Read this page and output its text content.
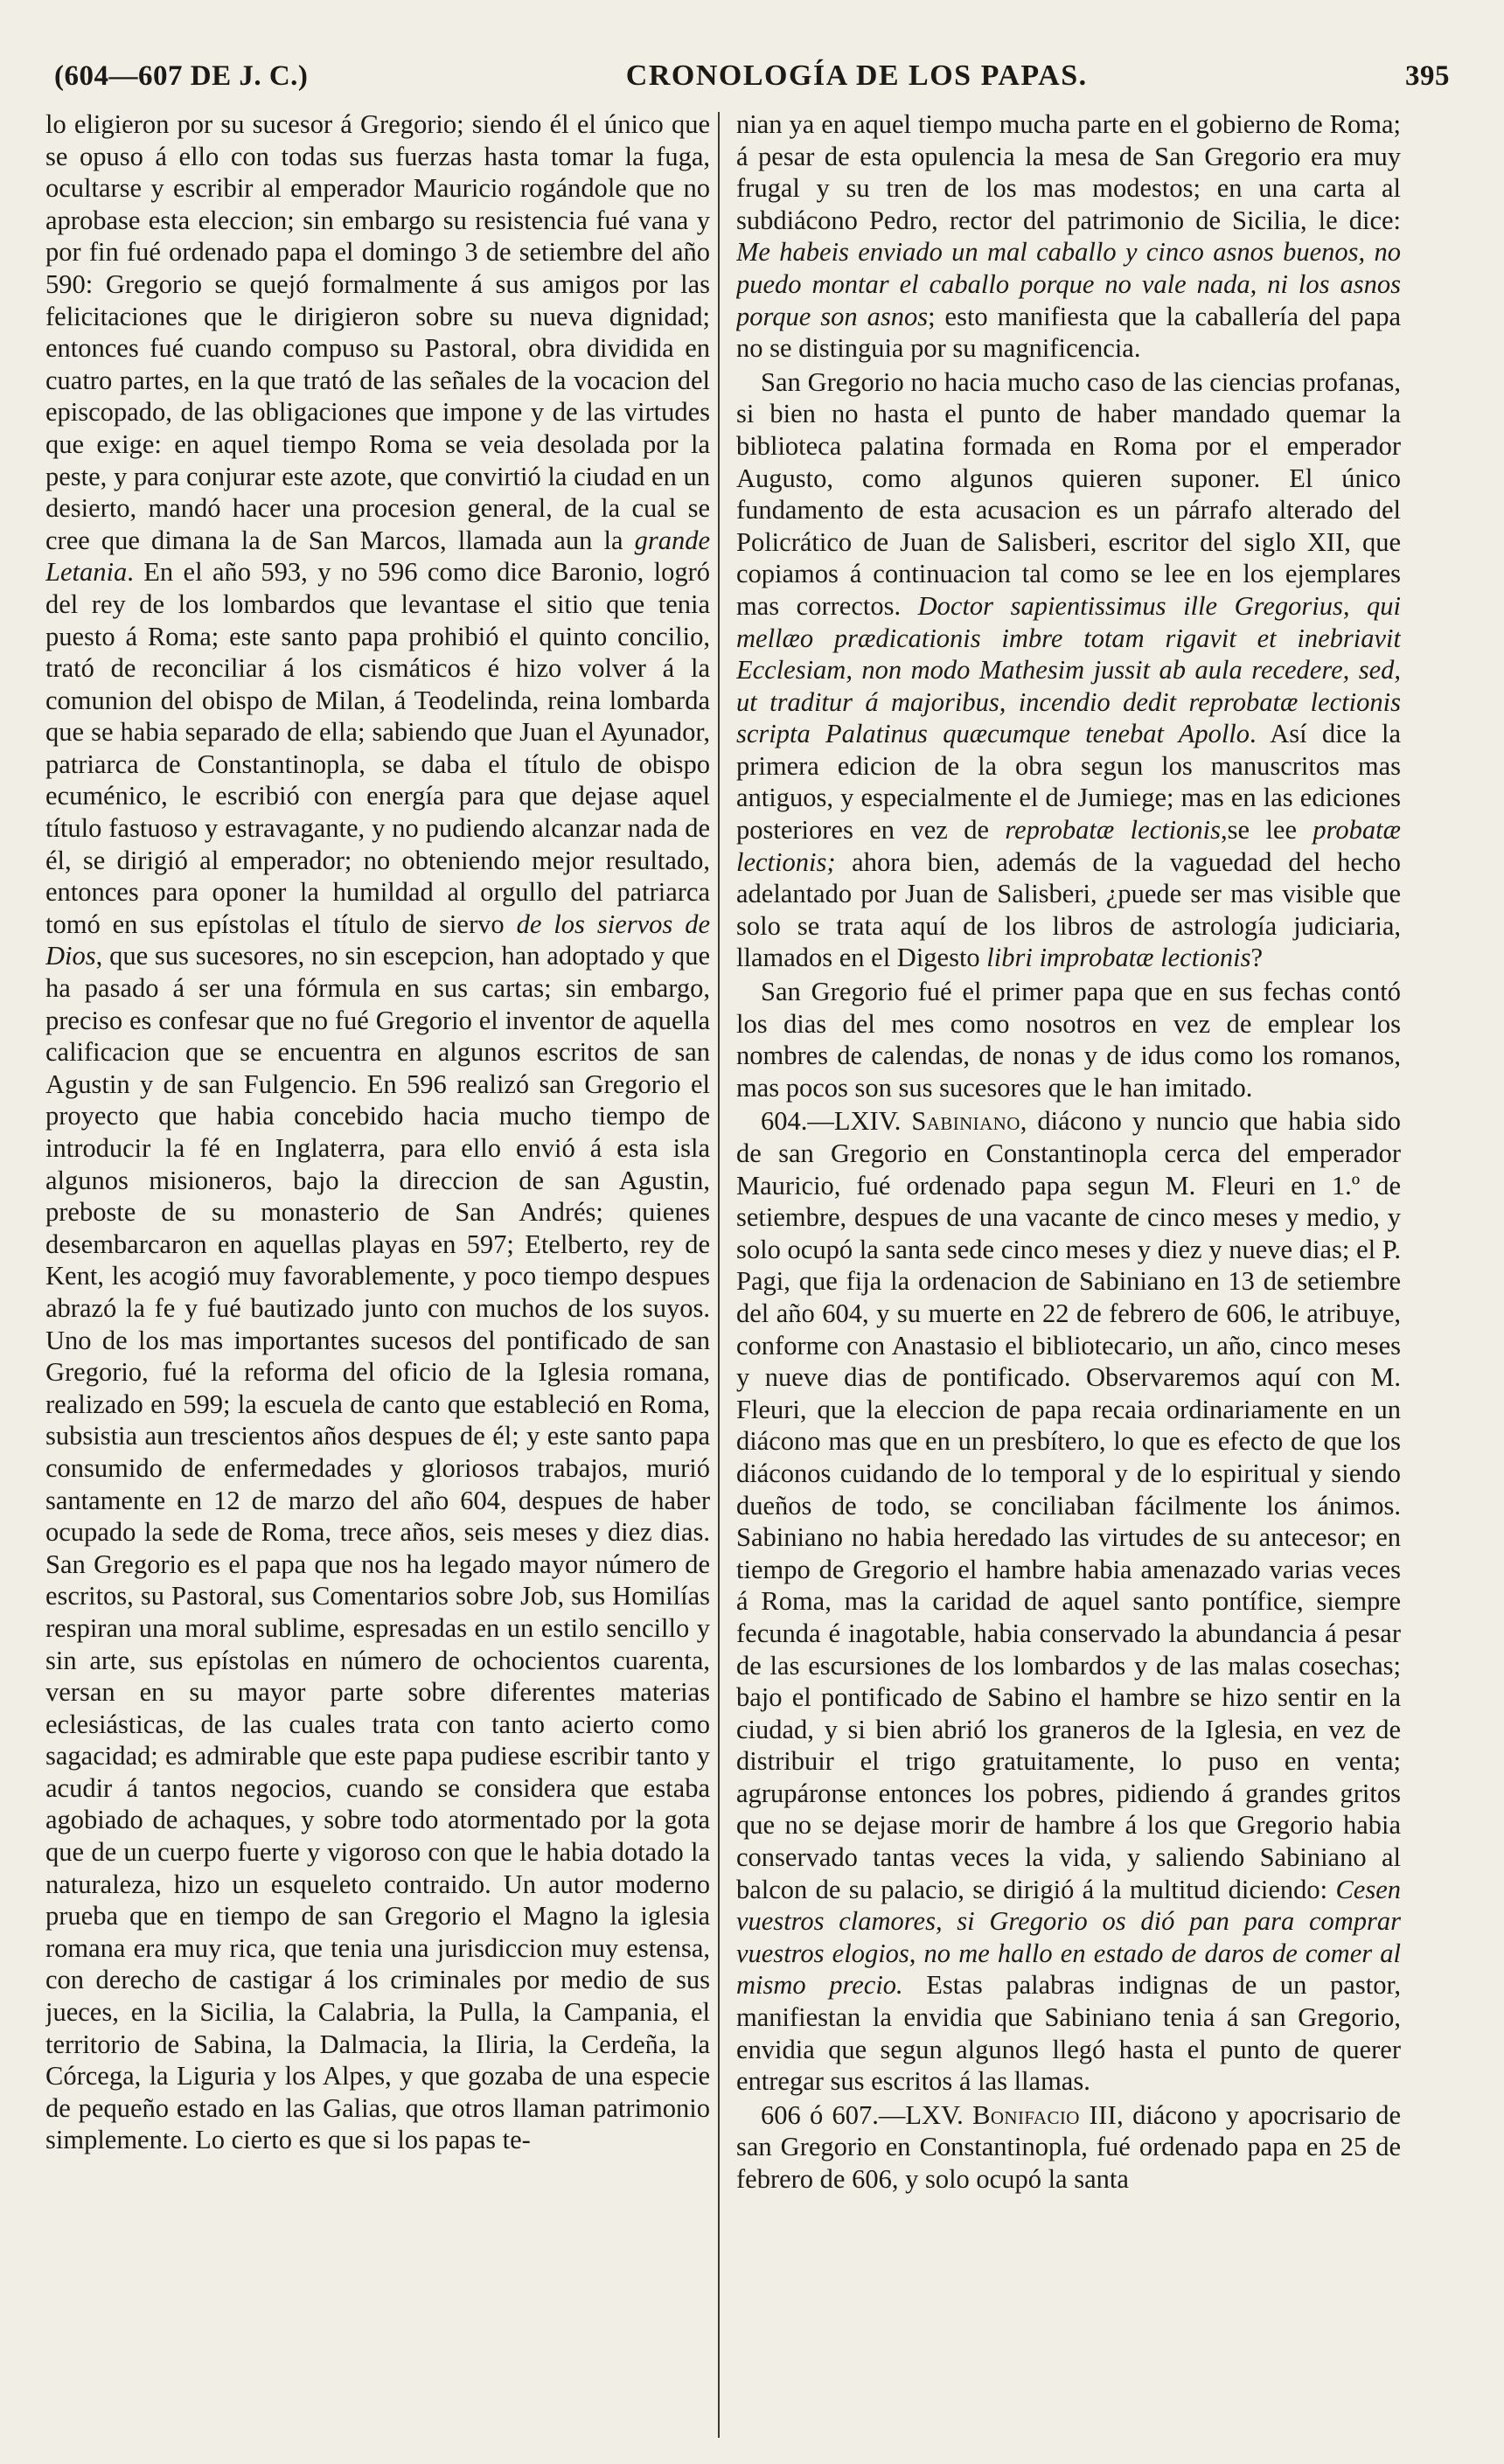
(604—607 DE J. C.)	CRONOLOGÍA DE LOS PAPAS.	395

lo eligieron por su sucesor á Gregorio; siendo él el único que se opuso á ello con todas sus fuerzas hasta tomar la fuga, ocultarse y escribir al emperador Mauricio rogándole que no aprobase esta eleccion; sin embargo su resistencia fué vana y por fin fué ordenado papa el domingo 3 de setiembre del año 590: Gregorio se quejó formalmente á sus amigos por las felicitaciones que le dirigieron sobre su nueva dignidad; entonces fué cuando compuso su Pastoral, obra dividida en cuatro partes, en la que trató de las señales de la vocacion del episcopado, de las obligaciones que impone y de las virtudes que exige: en aquel tiempo Roma se veia desolada por la peste, y para conjurar este azote, que convirtió la ciudad en un desierto, mandó hacer una procesion general, de la cual se cree que dimana la de San Marcos, llamada aun la grande Letania. En el año 593, y no 596 como dice Baronio, logró del rey de los lombardos que levantase el sitio que tenia puesto á Roma; este santo papa prohibió el quinto concilio, trató de reconciliar á los cismáticos é hizo volver á la comunion del obispo de Milan, á Teodelinda, reina lombarda que se habia separado de ella; sabiendo que Juan el Ayunador, patriarca de Constantinopla, se daba el título de obispo ecuménico, le escribió con energía para que dejase aquel título fastuoso y estravagante, y no pudiendo alcanzar nada de él, se dirigió al emperador; no obteniendo mejor resultado, entonces para oponer la humildad al orgullo del patriarca tomó en sus epístolas el título de siervo de los siervos de Dios, que sus sucesores, no sin escepcion, han adoptado y que ha pasado á ser una fórmula en sus cartas; sin embargo, preciso es confesar que no fué Gregorio el inventor de aquella calificacion que se encuentra en algunos escritos de san Agustin y de san Fulgencio. En 596 realizó san Gregorio el proyecto que habia concebido hacia mucho tiempo de introducir la fé en Inglaterra, para ello envió á esta isla algunos misioneros, bajo la direccion de san Agustin, preboste de su monasterio de San Andrés; quienes desembarcaron en aquellas playas en 597; Etelberto, rey de Kent, les acogió muy favorablemente, y poco tiempo despues abrazó la fe y fué bautizado junto con muchos de los suyos. Uno de los mas importantes sucesos del pontificado de san Gregorio, fué la reforma del oficio de la Iglesia romana, realizado en 599; la escuela de canto que estableció en Roma, subsistia aun trescientos años despues de él; y este santo papa consumido de enfermedades y gloriosos trabajos, murió santamente en 12 de marzo del año 604, despues de haber ocupado la sede de Roma, trece años, seis meses y diez dias. San Gregorio es el papa que nos ha legado mayor número de escritos, su Pastoral, sus Comentarios sobre Job, sus Homilías respiran una moral sublime, espresadas en un estilo sencillo y sin arte, sus epístolas en número de ochocientos cuarenta, versan en su mayor parte sobre diferentes materias eclesiásticas, de las cuales trata con tanto acierto como sagacidad; es admirable que este papa pudiese escribir tanto y acudir á tantos negocios, cuando se considera que estaba agobiado de achaques, y sobre todo atormentado por la gota que de un cuerpo fuerte y vigoroso con que le habia dotado la naturaleza, hizo un esqueleto contraido. Un autor moderno prueba que en tiempo de san Gregorio el Magno la iglesia romana era muy rica, que tenia una jurisdiccion muy estensa, con derecho de castigar á los criminales por medio de sus jueces, en la Sicilia, la Calabria, la Pulla, la Campania, el territorio de Sabina, la Dalmacia, la Iliria, la Cerdeña, la Córcega, la Liguria y los Alpes, y que gozaba de una especie de pequeño estado en las Galias, que otros llaman patrimonio simplemente. Lo cierto es que si los papas te-

nian ya en aquel tiempo mucha parte en el gobierno de Roma; á pesar de esta opulencia la mesa de San Gregorio era muy frugal y su tren de los mas modestos; en una carta al subdiácono Pedro, rector del patrimonio de Sicilia, le dice: Me habeis enviado un mal caballo y cinco asnos buenos, no puedo montar el caballo porque no vale nada, ni los asnos porque son asnos; esto manifiesta que la caballería del papa no se distinguia por su magnificencia.

San Gregorio no hacia mucho caso de las ciencias profanas, si bien no hasta el punto de haber mandado quemar la biblioteca palatina formada en Roma por el emperador Augusto, como algunos quieren suponer. El único fundamento de esta acusacion es un párrafo alterado del Policrático de Juan de Salisberi, escritor del siglo XII, que copiamos á continuacion tal como se lee en los ejemplares mas correctos. Doctor sapientissimus ille Gregorius, qui mellæo prædicationis imbre totam rigavit et inebriavit Ecclesiam, non modo Mathesim jussit ab aula recedere, sed, ut traditur á majoribus, incendio dedit reprobatæ lectionis scripta Palatinus quæcumque tenebat Apollo. Así dice la primera edicion de la obra segun los manuscritos mas antiguos, y especialmente el de Jumiege; mas en las ediciones posteriores en vez de reprobatæ lectionis,se lee probatæ lectionis; ahora bien, además de la vaguedad del hecho adelantado por Juan de Salisberi, ¿puede ser mas visible que solo se trata aquí de los libros de astrología judiciaria, llamados en el Digesto libri improbatæ lectionis?

San Gregorio fué el primer papa que en sus fechas contó los dias del mes como nosotros en vez de emplear los nombres de calendas, de nonas y de idus como los romanos, mas pocos son sus sucesores que le han imitado.

604.—LXIV. Sabiniano, diácono y nuncio que habia sido de san Gregorio en Constantinopla cerca del emperador Mauricio, fué ordenado papa segun M. Fleuri en 1.º de setiembre, despues de una vacante de cinco meses y medio, y solo ocupó la santa sede cinco meses y diez y nueve dias; el P. Pagi, que fija la ordenacion de Sabiniano en 13 de setiembre del año 604, y su muerte en 22 de febrero de 606, le atribuye, conforme con Anastasio el bibliotecario, un año, cinco meses y nueve dias de pontificado. Observaremos aquí con M. Fleuri, que la eleccion de papa recaia ordinariamente en un diácono mas que en un presbítero, lo que es efecto de que los diáconos cuidando de lo temporal y de lo espiritual y siendo dueños de todo, se conciliaban fácilmente los ánimos. Sabiniano no habia heredado las virtudes de su antecesor; en tiempo de Gregorio el hambre habia amenazado varias veces á Roma, mas la caridad de aquel santo pontífice, siempre fecunda é inagotable, habia conservado la abundancia á pesar de las escursiones de los lombardos y de las malas cosechas; bajo el pontificado de Sabino el hambre se hizo sentir en la ciudad, y si bien abrió los graneros de la Iglesia, en vez de distribuir el trigo gratuitamente, lo puso en venta; agrupáronse entonces los pobres, pidiendo á grandes gritos que no se dejase morir de hambre á los que Gregorio habia conservado tantas veces la vida, y saliendo Sabiniano al balcon de su palacio, se dirigió á la multitud diciendo: Cesen vuestros clamores, si Gregorio os dió pan para comprar vuestros elogios, no me hallo en estado de daros de comer al mismo precio. Estas palabras indignas de un pastor, manifiestan la envidia que Sabiniano tenia á san Gregorio, envidia que segun algunos llegó hasta el punto de querer entregar sus escritos á las llamas.

606 ó 607.—LXV. Bonifacio III, diácono y apocrisario de san Gregorio en Constantinopla, fué ordenado papa en 25 de febrero de 606, y solo ocupó la santa
